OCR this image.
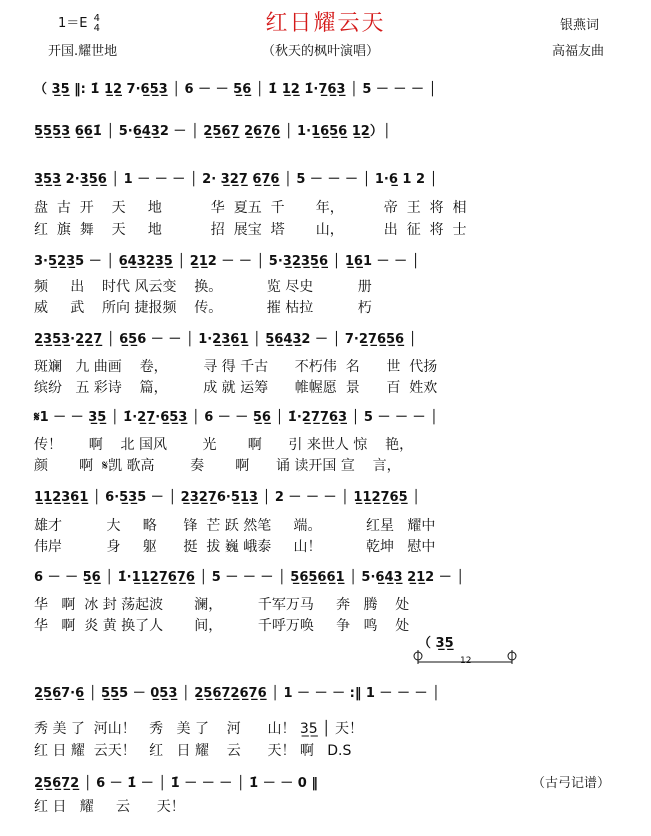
1＝E 4
4	红日耀云天	银燕词
开国.耀世地	（秋天的枫叶演唱）	高福友曲
（ 3̲5̲ ‖: 1̇ 1̲2̲ 7·6̲5̲3̲ │ 6 － － 5̲6̲ │ 1̇ 1̲2̲ 1̇·7̲6̲3̲ │ 5 － － － │
5̲5̲5̲3̲ 6̲6̲1̇ │ 5·6̲4̲3̲2 － │ 2̲5̲6̲7̲ 2̲6̲7̲6̲ │ 1·1̲6̲5̲6̲ 1̲2̲）│
3̲5̲3̲ 2·3̲5̲6̲ │ 1 － － － │ 2· 3̲2̲7̲ 6̲7̲6̲ │ 5 － － － │ 1·6̲ 1 2 │
盘  古  开    天     地           华  夏五  千       年，         帝  王  将  相
红  旗  舞    天     地           招  展宝  塔       山，         出  征  将  士
3·5̲2̲3̲5 － │ 6̲4̲3̲2̲3̲5̲ │ 2̲1̲2 － － │ 5·3̲2̲3̲5̲6̲ │ 1̲6̲1 － － │
频     出    时代 风云变    换。          览 尽史          册
威     武    所向 捷报频    传。          摧 枯拉          朽
2̲3̲5̲3̲·2̲2̲7̲ │ 6̲5̲6 － － │ 1·2̲3̲6̲1̲ │ 5̲6̲4̲3̲2 － │ 7·2̲7̲6̲5̲6̲ │
斑斓   九 曲画    卷，        寻 得 千古      不朽伟  名      世  代扬
缤纷   五 彩诗    篇，        成 就 运筹      帷幄愿  景      百  姓欢
𝄋1 － － 3̲5̲ │ 1̇·2̲7̲·6̲5̲3̲ │ 6 － － 5̲6̲ │ 1̇·2̲7̲7̲6̲3̲ │ 5 － － － │
传！      啊    北 国风        光       啊      引 来世人 惊    艳，
颜       啊  𝄋凯 歌高        奏       啊      诵 读开国 宣    言，
1̲1̲2̲3̲6̲1̲ │ 6·5̲3̲5 － │ 2̲3̲2̲7̲6·5̲1̲3̲ │ 2 － － － │ 1̲1̲2̲7̲6̲5̲ │
雄才          大     略      锋  芒 跃 然笔     端。          红星   耀中
伟岸          身     躯      挺  拔 巍 峨泰     山！          乾坤   慰中
6 － － 5̲6̲ │ 1̇·1̲1̲2̲7̲6̲7̲6̲ │ 5 － － － │ 5̲6̲5̲6̲6̲1̲ │ 5·6̲4̲3̲ 2̲1̲2 － │
华   啊  冰 封 荡起波       澜，        千军万马     奔   腾    处
华   啊  炎 黄 换了人       间，        千呼万唤     争   鸣    处
（ 3̲5̲
12
2̲5̲6̲7·6̲ │ 5̲5̲5 － 0̲5̲3̲ │ 2̲5̲6̲7̲2̲6̲7̲6̲ │ 1 － － － :‖ 1 － － － │
秀 美 了  河山！   秀   美 了    河      山！ 3̲5̲ │ 天！
红 日 耀  云天！   红   日 耀    云      天！ 啊   D.S
2̲5̲6̲7̲2̲ │ 6 － 1̇ － │ 1̇ － － － │ 1̇ － － 0 ‖
红 日   耀     云      天！
（古弓记谱）
